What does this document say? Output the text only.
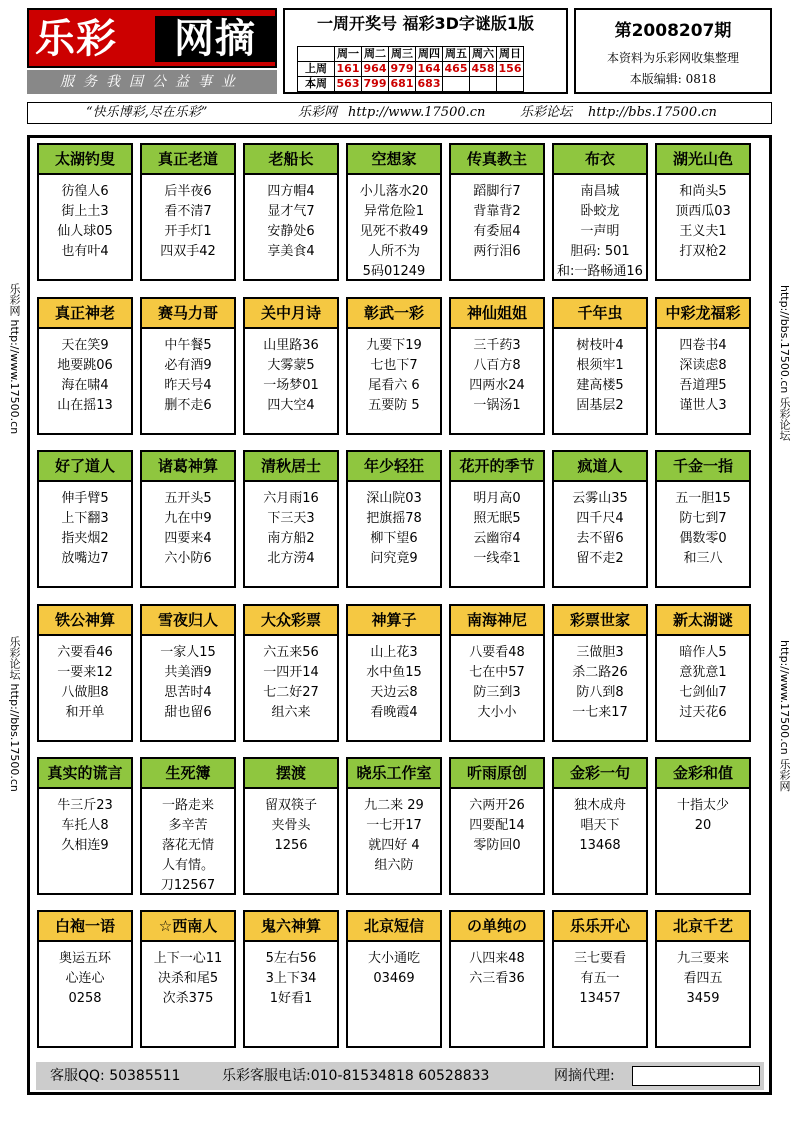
乐彩	网摘
服务我国公益事业
一周开奖号 福彩3D字谜版1版
	周一	周二	周三	周四	周五	周六	周日
上周	161	964	979	164	465	458	156
本周	563	799	681	683			
第2008207期
本资料为乐彩网收集整理
本版编辑: 0818
“快乐博彩,尽在乐彩”	乐彩网 http://www.17500.cn	乐彩论坛 http://bbs.17500.cn
乐彩网 http://www.17500.cn
乐彩论坛 http://bbs.17500.cn
http://bbs.17500.cn 乐彩论坛
http://www.17500.cn 乐彩网
太湖钓叟
彷徨人6
街上土3
仙人球05
也有叶4
真正老道
后半夜6
看不清7
开手灯1
四双手42
老船长
四方帽4
显才气7
安静处6
享美食4
空想家
小儿落水20
异常危险1
见死不救49
人所不为
5码01249
传真教主
蹈脚行7
背靠背2
有委屈4
两行泪6
布衣
南昌城
卧蛟龙
一声明
胆码: 501
和:一路畅通16
湖光山色
和尚头5
顶西瓜03
王义夫1
打双枪2
真正神老
天在笑9
地要跳06
海在啸4
山在摇13
赛马力哥
中午餐5
必有酒9
昨天号4
删不走6
关中月诗
山里路36
大雾蒙5
一场梦01
四大空4
彰武一彩
九要下19
七也下7
尾看六 6
五要防 5
神仙姐姐
三千药3
八百方8
四两水24
一锅汤1
千年虫
树枝叶4
根须牢1
建高楼5
固基层2
中彩龙福彩
四卷书4
深读虑8
吾道理5
谨世人3
好了道人
伸手臂5
上下翻3
指夹烟2
放嘴边7
诸葛神算
五开头5
九在中9
四要来4
六小防6
清秋居士
六月雨16
下三天3
南方船2
北方涝4
年少轻狂
深山院03
把旗摇78
柳下望6
问究竟9
花开的季节
明月高0
照无眠5
云幽帘4
一线牵1
疯道人
云雾山35
四千尺4
去不留6
留不走2
千金一指
五一胆15
防七到7
偶数零0
和三八
铁公神算
六要看46
一要来12
八做胆8
和开单
雪夜归人
一家人15
共美酒9
思苦时4
甜也留6
大众彩票
六五来56
一四开14
七二好27
组六来
神算子
山上花3
水中鱼15
天边云8
看晚霞4
南海神尼
八要看48
七在中57
防三到3
大小小
彩票世家
三做胆3
杀二路26
防八到8
一七来17
新太湖谜
暗作人5
意犹意1
七剑仙7
过天花6
真实的谎言
牛三斤23
车托人8
久相连9
生死簿
一路走来
多辛苦
落花无情
人有情。
刀12567
摆渡
留双筷子
夹骨头
1256
晓乐工作室
九二来 29
一七开17
就四好 4
组六防
听雨原创
六两开26
四要配14
零防回0
金彩一句
独木成舟
唱天下
13468
金彩和值
十指太少
20
白袍一语
奥运五环
心连心
0258
☆西南人
上下一心11
决杀和尾5
次杀375
鬼六神算
5左右56
3上下34
1好看1
北京短信
大小通吃
03469
の单纯の
八四来48
六三看36
乐乐开心
三七要看
有五一
13457
北京千艺
九三要来
看四五
3459
客服QQ: 50385511	乐彩客服电话:010-81534818 60528833	网摘代理:
